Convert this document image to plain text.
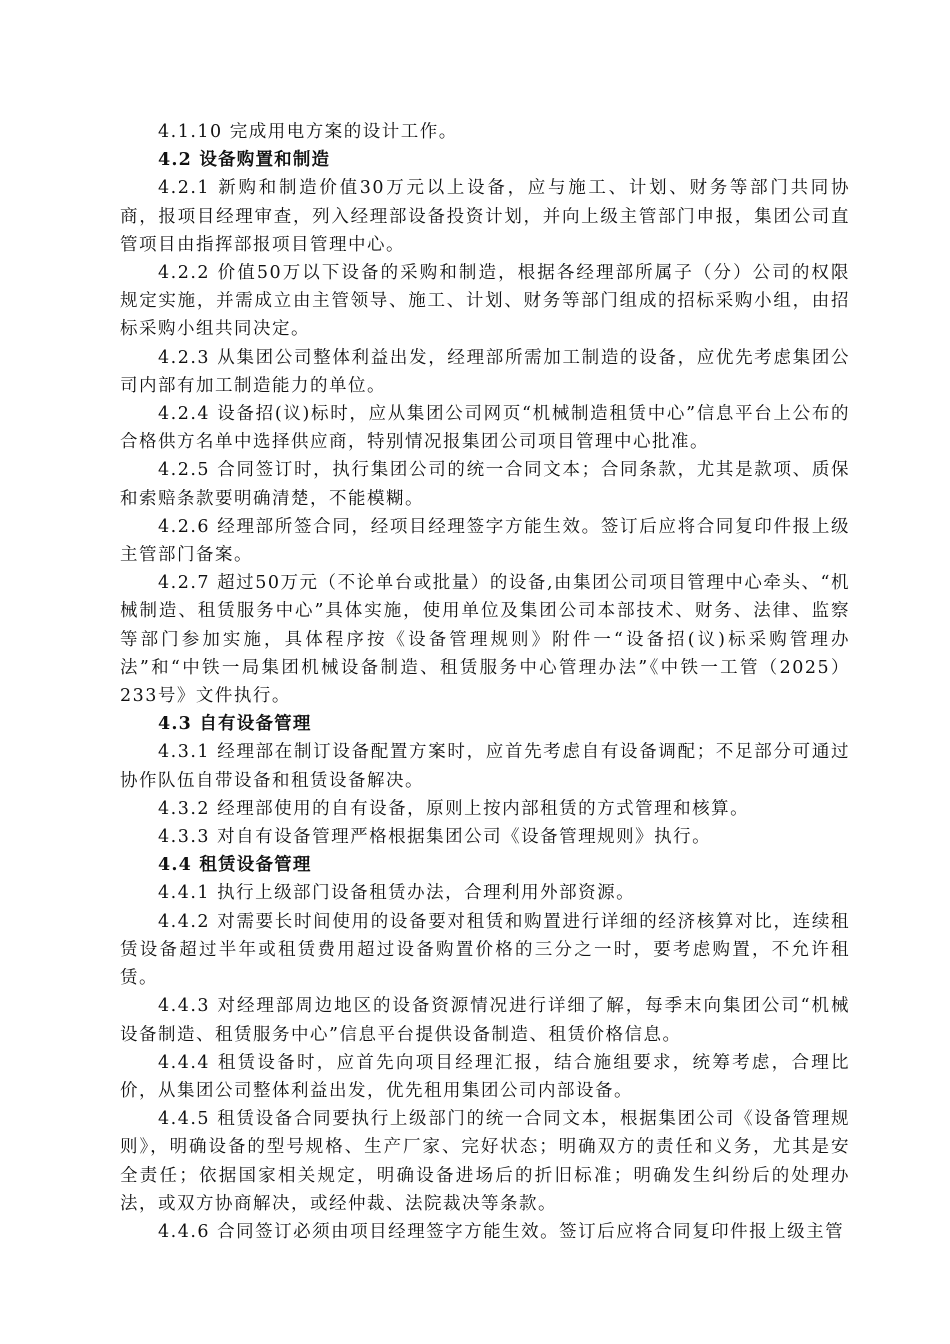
4.1.10 完成用电方案的设计工作。

4.2 设备购置和制造

4.2.1 新购和制造价值30万元以上设备，应与施工、计划、财务等部门共同协商，报项目经理审查，列入经理部设备投资计划，并向上级主管部门申报，集团公司直管项目由指挥部报项目管理中心。

4.2.2 价值50万以下设备的采购和制造，根据各经理部所属子（分）公司的权限规定实施，并需成立由主管领导、施工、计划、财务等部门组成的招标采购小组，由招标采购小组共同决定。

4.2.3 从集团公司整体利益出发，经理部所需加工制造的设备，应优先考虑集团公司内部有加工制造能力的单位。

4.2.4 设备招(议)标时，应从集团公司网页“机械制造租赁中心”信息平台上公布的合格供方名单中选择供应商，特别情况报集团公司项目管理中心批准。

4.2.5 合同签订时，执行集团公司的统一合同文本；合同条款，尤其是款项、质保和索赔条款要明确清楚，不能模糊。

4.2.6 经理部所签合同，经项目经理签字方能生效。签订后应将合同复印件报上级主管部门备案。

4.2.7 超过50万元（不论单台或批量）的设备,由集团公司项目管理中心牵头、“机械制造、租赁服务中心”具体实施，使用单位及集团公司本部技术、财务、法律、监察等部门参加实施，具体程序按《设备管理规则》附件一“设备招(议)标采购管理办法”和“中铁一局集团机械设备制造、租赁服务中心管理办法”《中铁一工管（2025）233号》文件执行。

4.3 自有设备管理

4.3.1 经理部在制订设备配置方案时，应首先考虑自有设备调配；不足部分可通过协作队伍自带设备和租赁设备解决。

4.3.2 经理部使用的自有设备，原则上按内部租赁的方式管理和核算。

4.3.3 对自有设备管理严格根据集团公司《设备管理规则》执行。

4.4 租赁设备管理

4.4.1 执行上级部门设备租赁办法，合理利用外部资源。

4.4.2 对需要长时间使用的设备要对租赁和购置进行详细的经济核算对比，连续租赁设备超过半年或租赁费用超过设备购置价格的三分之一时，要考虑购置，不允许租赁。

4.4.3 对经理部周边地区的设备资源情况进行详细了解，每季末向集团公司“机械设备制造、租赁服务中心”信息平台提供设备制造、租赁价格信息。

4.4.4 租赁设备时，应首先向项目经理汇报，结合施组要求，统筹考虑，合理比价，从集团公司整体利益出发，优先租用集团公司内部设备。

4.4.5 租赁设备合同要执行上级部门的统一合同文本，根据集团公司《设备管理规则》，明确设备的型号规格、生产厂家、完好状态；明确双方的责任和义务，尤其是安全责任；依据国家相关规定，明确设备进场后的折旧标准；明确发生纠纷后的处理办法，或双方协商解决，或经仲裁、法院裁决等条款。

4.4.6 合同签订必须由项目经理签字方能生效。签订后应将合同复印件报上级主管
